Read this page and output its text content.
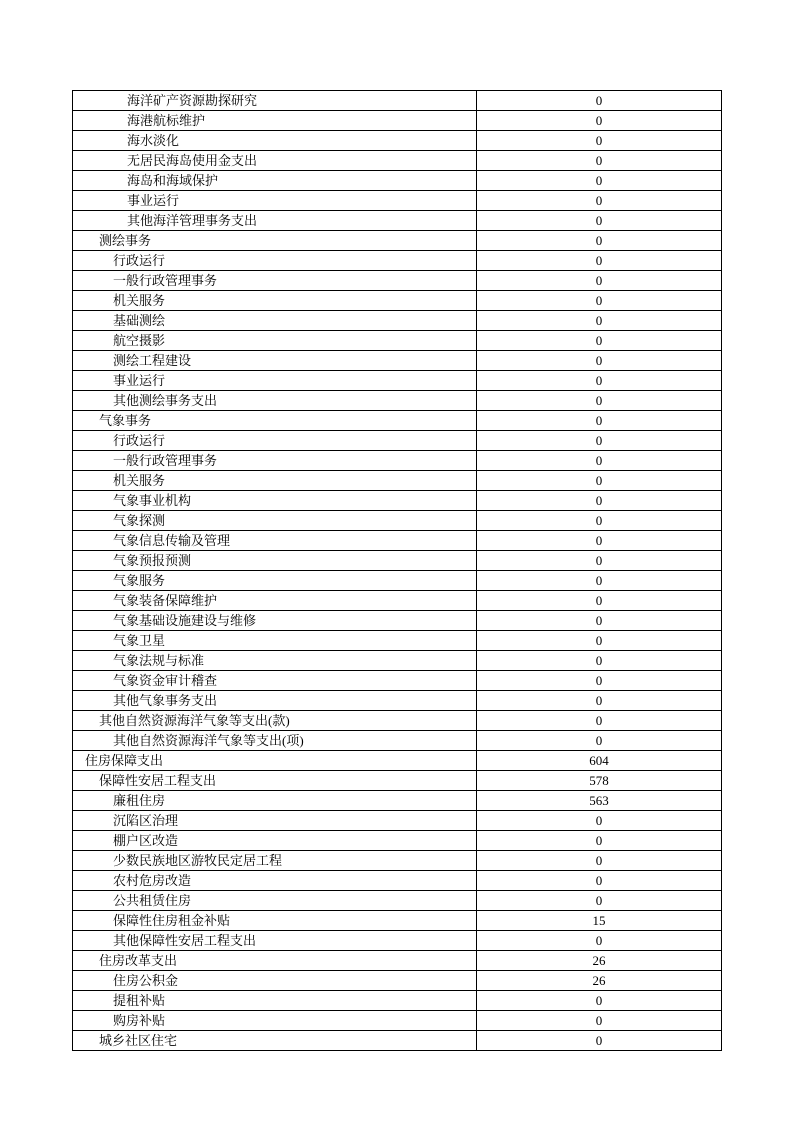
海洋矿产资源勘探研究	0
海港航标维护	0
海水淡化	0
无居民海岛使用金支出	0
海岛和海域保护	0
事业运行	0
其他海洋管理事务支出	0
测绘事务	0
行政运行	0
一般行政管理事务	0
机关服务	0
基础测绘	0
航空摄影	0
测绘工程建设	0
事业运行	0
其他测绘事务支出	0
气象事务	0
行政运行	0
一般行政管理事务	0
机关服务	0
气象事业机构	0
气象探测	0
气象信息传输及管理	0
气象预报预测	0
气象服务	0
气象装备保障维护	0
气象基础设施建设与维修	0
气象卫星	0
气象法规与标准	0
气象资金审计稽查	0
其他气象事务支出	0
其他自然资源海洋气象等支出(款)	0
其他自然资源海洋气象等支出(项)	0
住房保障支出	604
保障性安居工程支出	578
廉租住房	563
沉陷区治理	0
棚户区改造	0
少数民族地区游牧民定居工程	0
农村危房改造	0
公共租赁住房	0
保障性住房租金补贴	15
其他保障性安居工程支出	0
住房改革支出	26
住房公积金	26
提租补贴	0
购房补贴	0
城乡社区住宅	0
